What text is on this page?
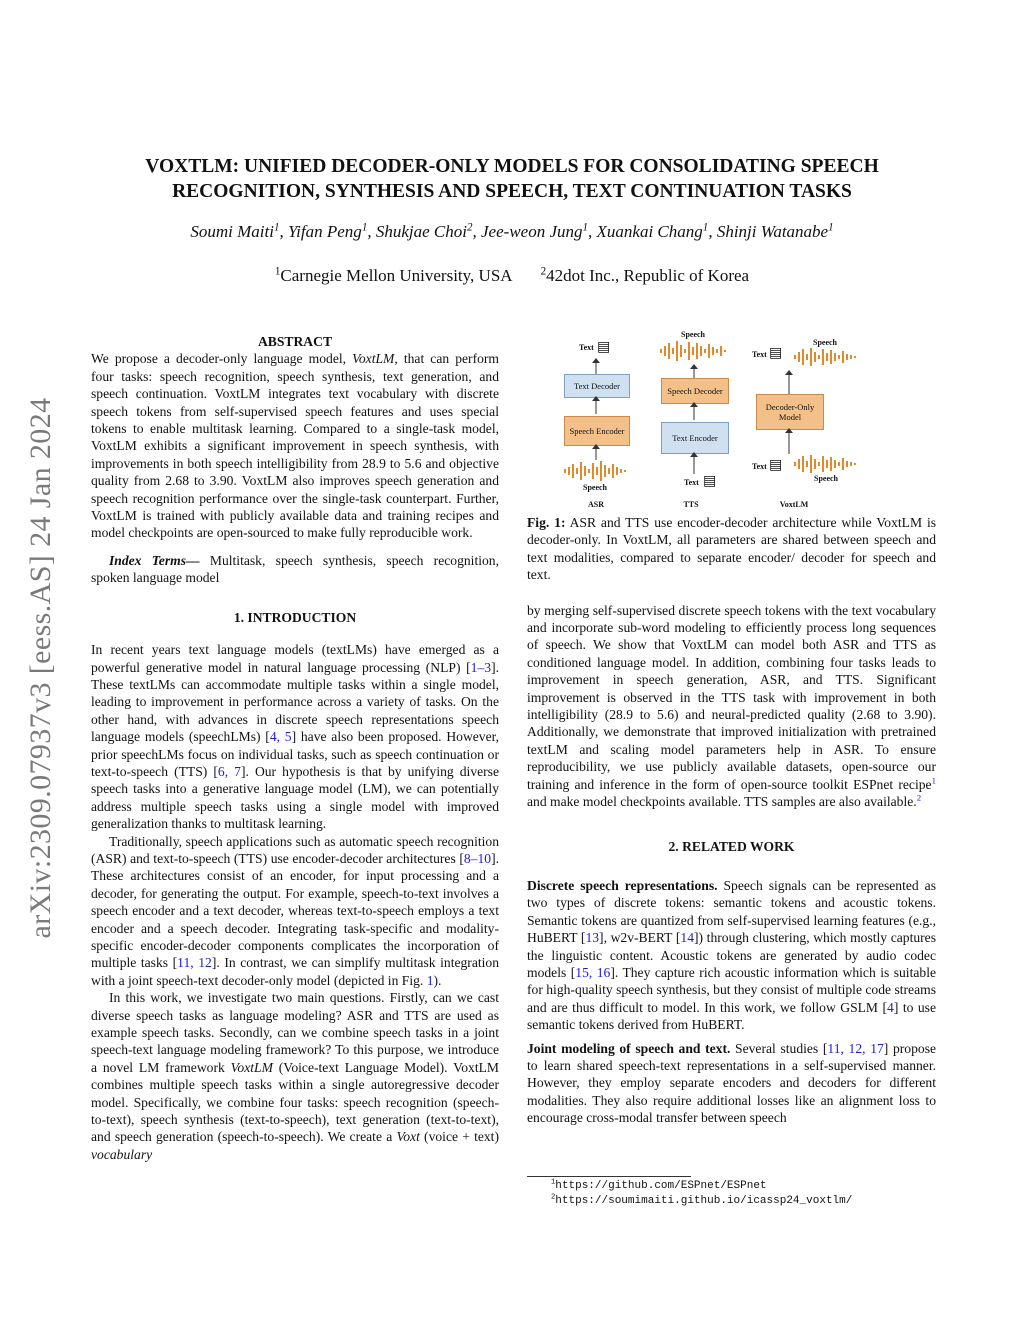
arXiv:2309.07937v3 [eess.AS] 24 Jan 2024
VOXTLM: UNIFIED DECODER-ONLY MODELS FOR CONSOLIDATING SPEECH
RECOGNITION, SYNTHESIS AND SPEECH, TEXT CONTINUATION TASKS
Soumi Maiti$^1$, Yifan Peng$^1$, Shukjae Choi$^2$, Jee-weon Jung$^1$, Xuankai Chang$^1$, Shinji Watanabe$^1$
$^1$Carnegie Mellon University, USA	$^2$42dot Inc., Republic of Korea
ABSTRACT

We propose a decoder-only language model, VoxtLM, that can perform four tasks: speech recognition, speech synthesis, text generation, and speech continuation. VoxtLM integrates text vocabulary with discrete speech tokens from self-supervised speech features and uses special tokens to enable multitask learning. Compared to a single-task model, VoxtLM exhibits a significant improvement in speech synthesis, with improvements in both speech intelligibility from 28.9 to 5.6 and objective quality from 2.68 to 3.90. VoxtLM also improves speech generation and speech recognition performance over the single-task counterpart. Further, VoxtLM is trained with publicly available data and training recipes and model checkpoints are open-sourced to make fully reproducible work.

Index Terms— Multitask, speech synthesis, speech recognition, spoken language model

1. INTRODUCTION

In recent years text language models (textLMs) have emerged as a powerful generative model in natural language processing (NLP) [1–3]. These textLMs can accommodate multiple tasks within a single model, leading to improvement in performance across a variety of tasks. On the other hand, with advances in discrete speech representations speech language models (speechLMs) [4, 5] have also been proposed. However, prior speechLMs focus on individual tasks, such as speech continuation or text-to-speech (TTS) [6, 7]. Our hypothesis is that by unifying diverse speech tasks into a generative language model (LM), we can potentially address multiple speech tasks using a single model with improved generalization thanks to multitask learning.

Traditionally, speech applications such as automatic speech recognition (ASR) and text-to-speech (TTS) use encoder-decoder architectures [8–10]. These architectures consist of an encoder, for input processing and a decoder, for generating the output. For example, speech-to-text involves a speech encoder and a text decoder, whereas text-to-speech employs a text encoder and a speech decoder. Integrating task-specific and modality-specific encoder-decoder components complicates the incorporation of multiple tasks [11, 12]. In contrast, we can simplify multitask integration with a joint speech-text decoder-only model (depicted in Fig. 1).

In this work, we investigate two main questions. Firstly, can we cast diverse speech tasks as language modeling? ASR and TTS are used as example speech tasks. Secondly, can we combine speech tasks in a joint speech-text language modeling framework? To this purpose, we introduce a novel LM framework VoxtLM (Voice-text Language Model). VoxtLM combines multiple speech tasks within a single autoregressive decoder model. Specifically, we combine four tasks: speech recognition (speech-to-text), speech synthesis (text-to-speech), text generation (text-to-text), and speech generation (speech-to-speech). We create a Voxt (voice + text) vocabulary

Text ▤
Text Decoder
Speech Encoder
Speech
ASR
Speech
Speech Decoder
Text Encoder
Text ▤
TTS
Text ▤
Speech
Decoder-Only Model
Text ▤
Speech
VoxtLM

Fig. 1: ASR and TTS use encoder-decoder architecture while VoxtLM is decoder-only. In VoxtLM, all parameters are shared between speech and text modalities, compared to separate encoder/ decoder for speech and text.

by merging self-supervised discrete speech tokens with the text vocabulary and incorporate sub-word modeling to efficiently process long sequences of speech. We show that VoxtLM can model both ASR and TTS as conditioned language model. In addition, combining four tasks leads to improvement in speech generation, ASR, and TTS. Significant improvement is observed in the TTS task with improvement in both intelligibility (28.9 to 5.6) and neural-predicted quality (2.68 to 3.90). Additionally, we demonstrate that improved initialization with pretrained textLM and scaling model parameters help in ASR. To ensure reproducibility, we use publicly available datasets, open-source our training and inference in the form of open-source toolkit ESPnet recipe$^1$ and make model checkpoints available. TTS samples are also available.$^2$

2. RELATED WORK

Discrete speech representations. Speech signals can be represented as two types of discrete tokens: semantic tokens and acoustic tokens. Semantic tokens are quantized from self-supervised learning features (e.g., HuBERT [13], w2v-BERT [14]) through clustering, which mostly captures the linguistic content. Acoustic tokens are generated by audio codec models [15, 16]. They capture rich acoustic information which is suitable for high-quality speech synthesis, but they consist of multiple code streams and are thus difficult to model. In this work, we follow GSLM [4] to use semantic tokens derived from HuBERT.

Joint modeling of speech and text. Several studies [11, 12, 17] propose to learn shared speech-text representations in a self-supervised manner. However, they employ separate encoders and decoders for different modalities. They also require additional losses like an alignment loss to encourage cross-modal transfer between speech

$^1$https://github.com/ESPnet/ESPnet
$^2$https://soumimaiti.github.io/icassp24_voxtlm/
